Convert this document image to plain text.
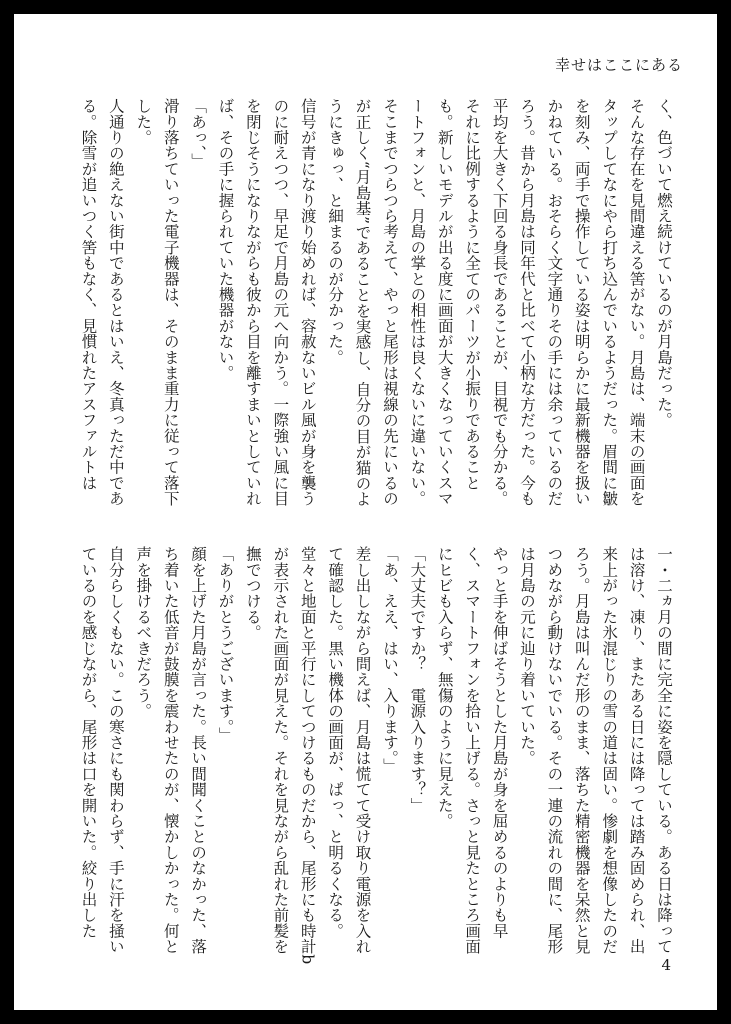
幸せはここにある

く、色づいて燃え続けているのが月島だった。

そんな存在を見間違える筈がない。月島は、端末の画面をタップしてなにやら打ち込んでいるようだった。眉間に皺を刻み、両手で操作している姿は明らかに最新機器を扱いかねている。おそらく文字通りその手には余っているのだろう。昔から月島は同年代と比べて小柄な方だった。今も平均を大きく下回る身長であることが、目視でも分かる。それに比例するように全てのパーツが小振りであることも。新しいモデルが出る度に画面が大きくなっていくスマートフォンと、月島の掌との相性は良くないに違いない。

そこまでつらつら考えて、やっと尾形は視線の先にいるのが正しく“月島基”であることを実感し、自分の目が猫のようにきゅっ、と細まるのが分かった。

信号が青になり渡り始めれば、容赦ないビル風が身を襲うのに耐えつつ、早足で月島の元へ向かう。一際強い風に目を閉じそうになりながらも彼から目を離すまいとしていれば、その手に握られていた機器がない。

「あっ、」

滑り落ちていった電子機器は、そのまま重力に従って落下した。

人通りの絶えない街中であるとはいえ、冬真っただ中である。除雪が追いつく筈もなく、見慣れたアスファルトは

一・二ヵ月の間に完全に姿を隠している。ある日は降っては溶け、凍り、またある日には降っては踏み固められ、出来上がった氷混じりの雪の道は固い。惨劇を想像したのだろう。月島は叫んだ形のまま、落ちた精密機器を呆然と見つめながら動けないでいる。その一連の流れの間に、尾形は月島の元に辿り着いていた。

やっと手を伸ばそうとした月島が身を屈めるのよりも早く、スマートフォンを拾い上げる。さっと見たところ画面にヒビも入らず、無傷のように見えた。

「大丈夫ですか？　電源入ります？」

「あ、ええ、はい、入ります。」

差し出しながら問えば、月島は慌てて受け取り電源を入れて確認した。黒い機体の画面が、ぱっ、と明るくなる。堂々と地面と平行にしてつけるものだから、尾形にも時計bが表示された画面が見えた。それを見ながら乱れた前髪を撫でつける。

「ありがとうございます。」

顔を上げた月島が言った。長い間聞くことのなかった、落ち着いた低音が鼓膜を震わせたのが、懐かしかった。何と声を掛けるべきだろう。

自分らしくもない。この寒さにも関わらず、手に汗を掻いているのを感じながら、尾形は口を開いた。絞り出した

4
